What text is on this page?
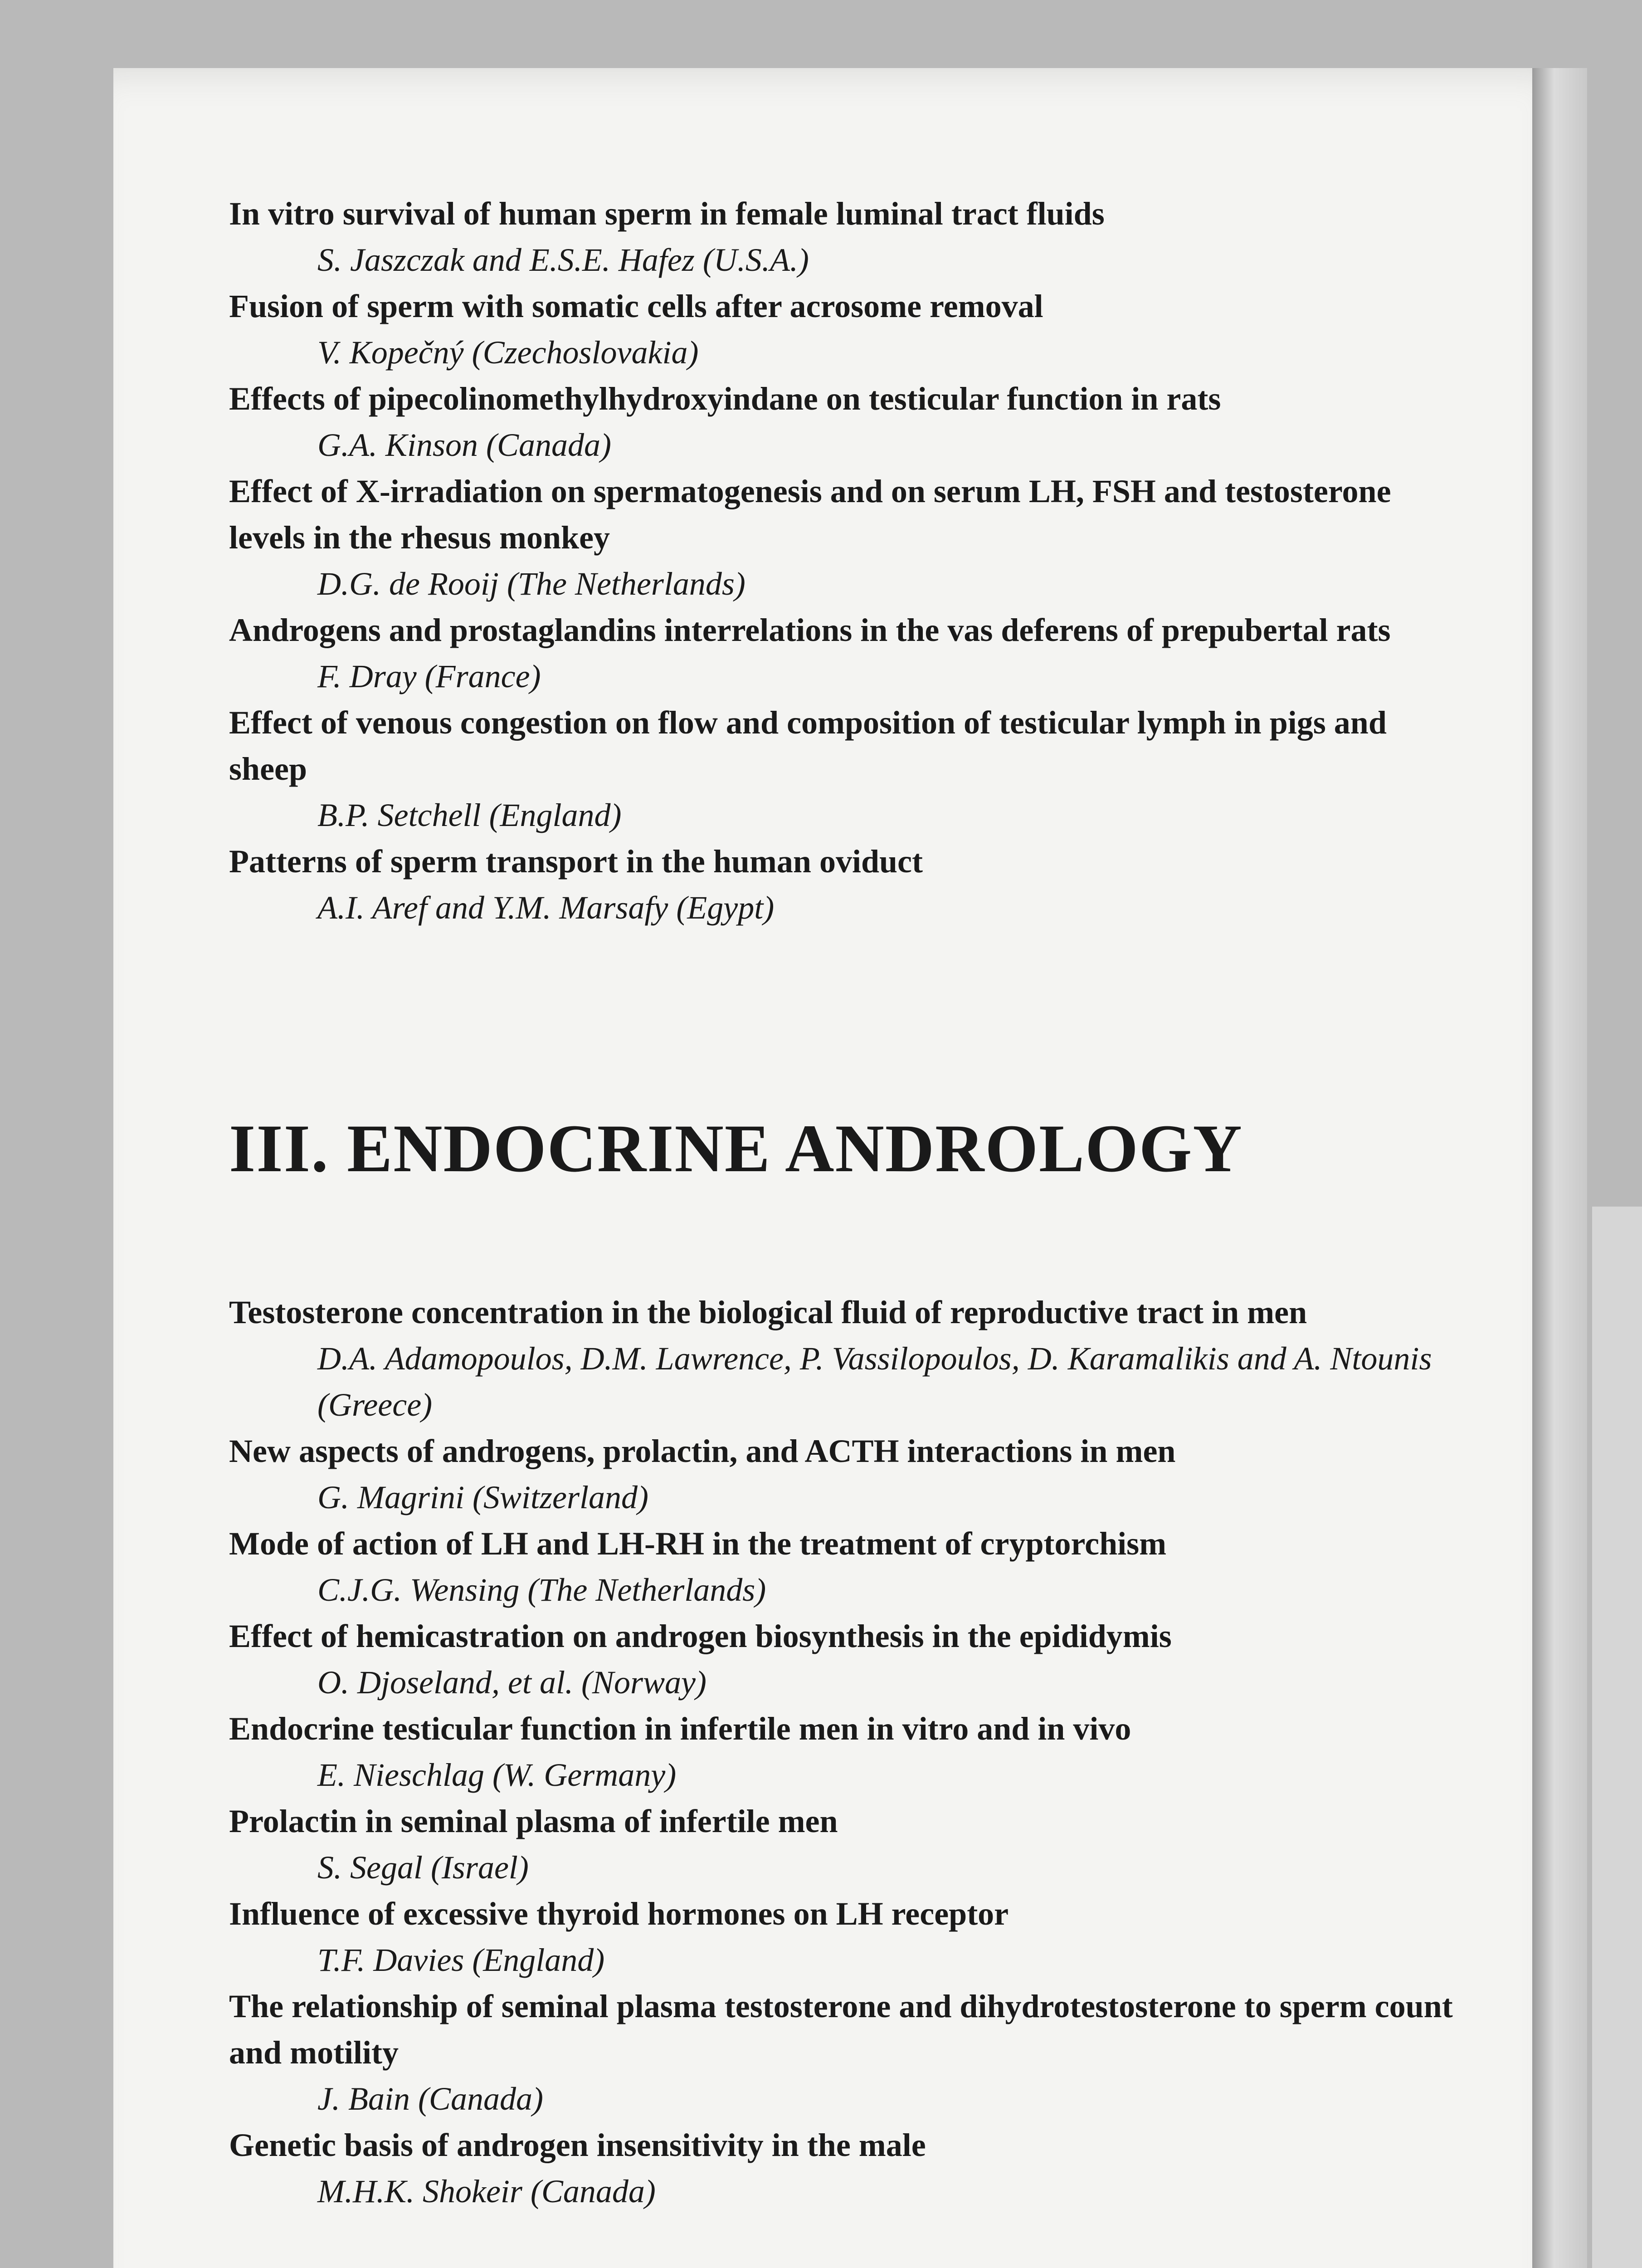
In vitro survival of human sperm in female luminal tract fluids

S. Jaszczak and E.S.E. Hafez (U.S.A.)

Fusion of sperm with somatic cells after acrosome removal

V. Kopečný (Czechoslovakia)

Effects of pipecolinomethylhydroxyindane on testicular function in rats

G.A. Kinson (Canada)

Effect of X-irradiation on spermatogenesis and on serum LH, FSH and testosterone levels in the rhesus monkey

D.G. de Rooij (The Netherlands)

Androgens and prostaglandins interrelations in the vas deferens of prepubertal rats

F. Dray (France)

Effect of venous congestion on flow and composition of testicular lymph in pigs and sheep

B.P. Setchell (England)

Patterns of sperm transport in the human oviduct

A.I. Aref and Y.M. Marsafy (Egypt)

III. ENDOCRINE ANDROLOGY

Testosterone concentration in the biological fluid of reproductive tract in men

D.A. Adamopoulos, D.M. Lawrence, P. Vassilopoulos, D. Karamalikis and A. Ntounis (Greece)

New aspects of androgens, prolactin, and ACTH interactions in men

G. Magrini (Switzerland)

Mode of action of LH and LH-RH in the treatment of cryptorchism

C.J.G. Wensing (The Netherlands)

Effect of hemicastration on androgen biosynthesis in the epididymis

O. Djoseland, et al. (Norway)

Endocrine testicular function in infertile men in vitro and in vivo

E. Nieschlag (W. Germany)

Prolactin in seminal plasma of infertile men

S. Segal (Israel)

Influence of excessive thyroid hormones on LH receptor

T.F. Davies (England)

The relationship of seminal plasma testosterone and dihydrotestosterone to sperm count and motility

J. Bain (Canada)

Genetic basis of androgen insensitivity in the male

M.H.K. Shokeir (Canada)
